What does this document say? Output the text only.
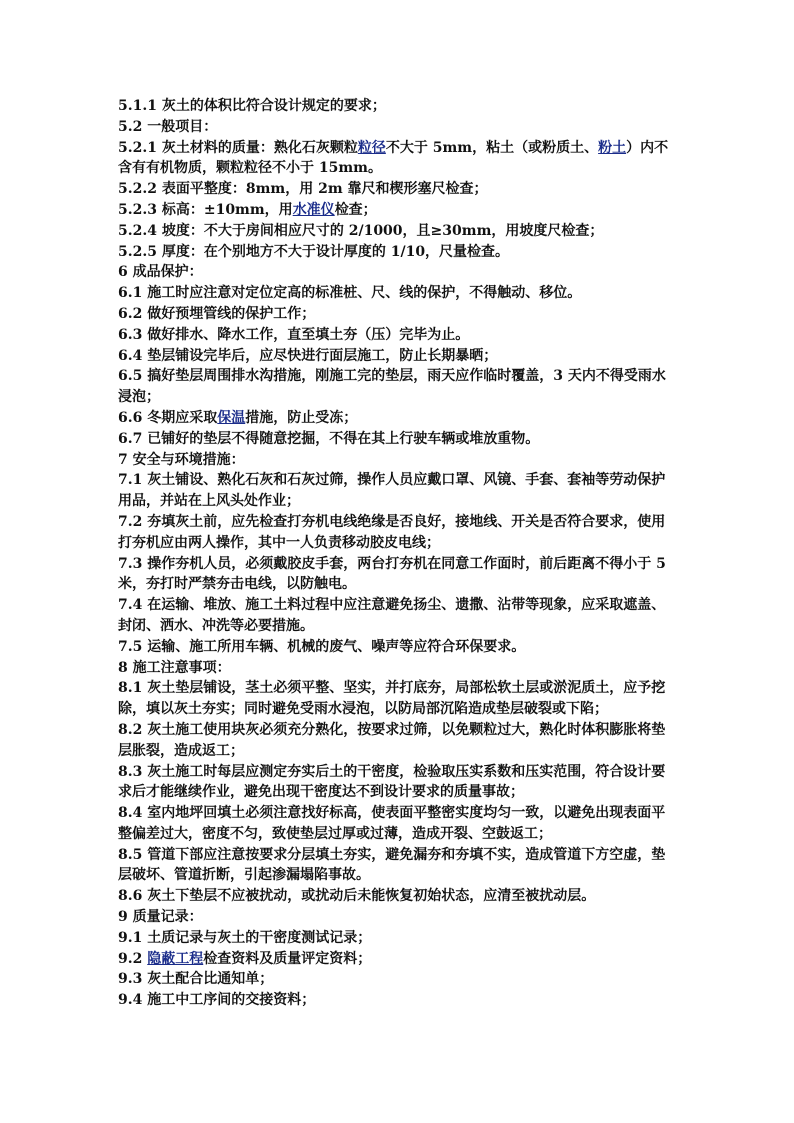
5.1.1 灰土的体积比符合设计规定的要求；
5.2 一般项目：
5.2.1 灰土材料的质量：熟化石灰颗粒粒径不大于 5mm，粘土（或粉质土、粉土）内不含有有机物质，颗粒粒径不小于 15mm。
5.2.2 表面平整度：8mm，用 2m 靠尺和楔形塞尺检查；
5.2.3 标高：±10mm，用水准仪检查；
5.2.4 坡度：不大于房间相应尺寸的 2/1000，且≥30mm，用坡度尺检查；
5.2.5 厚度：在个别地方不大于设计厚度的 1/10，尺量检查。
6 成品保护：
6.1 施工时应注意对定位定高的标准桩、尺、线的保护，不得触动、移位。
6.2 做好预埋管线的保护工作；
6.3 做好排水、降水工作，直至填土夯（压）完毕为止。
6.4 垫层铺设完毕后，应尽快进行面层施工，防止长期暴晒；
6.5 搞好垫层周围排水沟措施，刚施工完的垫层，雨天应作临时覆盖，3 天内不得受雨水浸泡；
6.6 冬期应采取保温措施，防止受冻；
6.7 已铺好的垫层不得随意挖掘，不得在其上行驶车辆或堆放重物。
7 安全与环境措施：
7.1 灰土铺设、熟化石灰和石灰过筛，操作人员应戴口罩、风镜、手套、套袖等劳动保护用品，并站在上风头处作业；
7.2 夯填灰土前，应先检查打夯机电线绝缘是否良好，接地线、开关是否符合要求，使用打夯机应由两人操作，其中一人负责移动胶皮电线；
7.3 操作夯机人员，必须戴胶皮手套，两台打夯机在同意工作面时，前后距离不得小于 5 米，夯打时严禁夯击电线，以防触电。
7.4 在运输、堆放、施工土料过程中应注意避免扬尘、遗撒、沾带等现象，应采取遮盖、封闭、洒水、冲洗等必要措施。
7.5 运输、施工所用车辆、机械的废气、噪声等应符合环保要求。
8 施工注意事项：
8.1 灰土垫层铺设，茎土必须平整、坚实，并打底夯，局部松软土层或淤泥质土，应予挖除，填以灰土夯实；同时避免受雨水浸泡，以防局部沉陷造成垫层破裂或下陷；
8.2 灰土施工使用块灰必须充分熟化，按要求过筛，以免颗粒过大，熟化时体积膨胀将垫层胀裂，造成返工；
8.3 灰土施工时每层应测定夯实后土的干密度，检验取压实系数和压实范围，符合设计要求后才能继续作业，避免出现干密度达不到设计要求的质量事故；
8.4 室内地坪回填土必须注意找好标高，使表面平整密实度均匀一致，以避免出现表面平整偏差过大，密度不匀，致使垫层过厚或过薄，造成开裂、空鼓返工；
8.5 管道下部应注意按要求分层填土夯实，避免漏夯和夯填不实，造成管道下方空虚，垫层破坏、管道折断，引起渗漏塌陷事故。
8.6 灰土下垫层不应被扰动，或扰动后未能恢复初始状态，应清至被扰动层。
9 质量记录：
9.1 土质记录与灰土的干密度测试记录；
9.2 隐蔽工程检查资料及质量评定资料；
9.3 灰土配合比通知单；
9.4 施工中工序间的交接资料；
